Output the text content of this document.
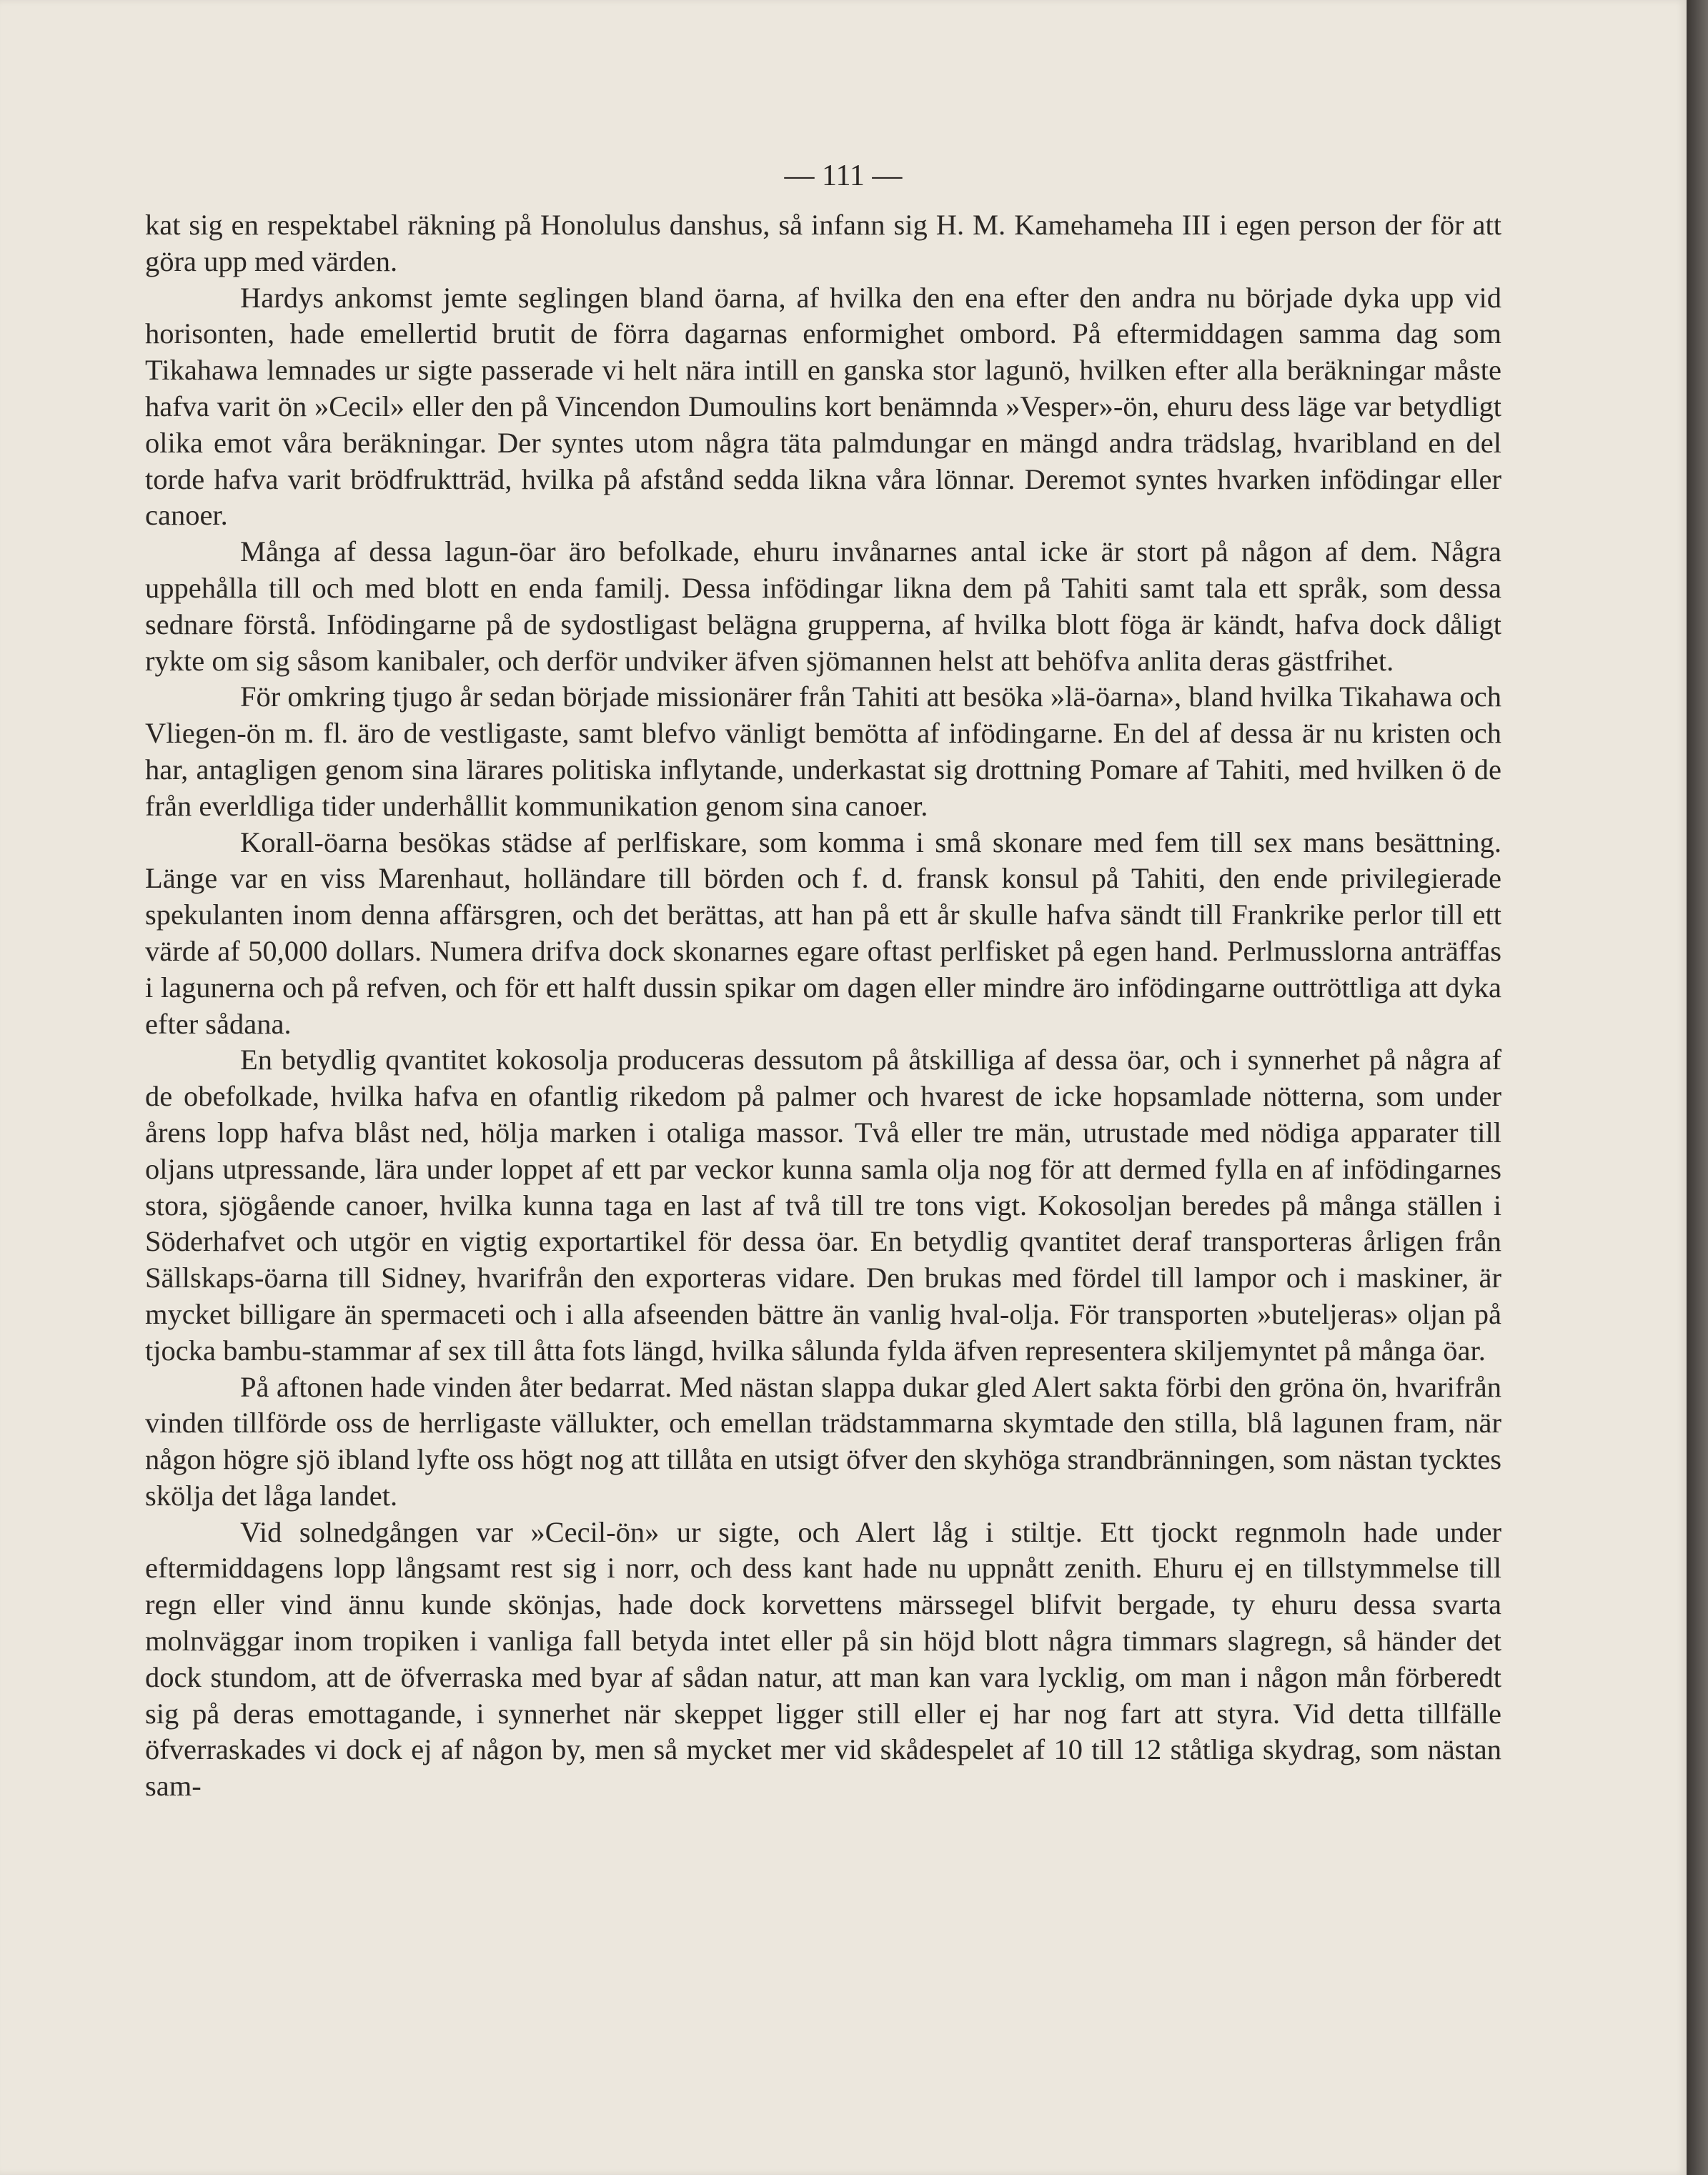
— 111 —

kat sig en respektabel räkning på Honolulus danshus, så infann sig H. M. Kamehameha III i egen person der för att göra upp med värden.

Hardys ankomst jemte seglingen bland öarna, af hvilka den ena efter den andra nu började dyka upp vid horisonten, hade emellertid brutit de förra dagarnas enformighet ombord. På eftermiddagen samma dag som Tikahawa lemnades ur sigte passerade vi helt nära intill en ganska stor lagunö, hvilken efter alla beräkningar måste hafva varit ön »Cecil» eller den på Vincendon Dumoulins kort benämnda »Vesper»-ön, ehuru dess läge var betydligt olika emot våra beräkningar. Der syntes utom några täta palmdungar en mängd andra trädslag, hvaribland en del torde hafva varit brödfruktträd, hvilka på afstånd sedda likna våra lönnar. Deremot syntes hvarken infödingar eller canoer.

Många af dessa lagun-öar äro befolkade, ehuru invånarnes antal icke är stort på någon af dem. Några uppehålla till och med blott en enda familj. Dessa infödingar likna dem på Tahiti samt tala ett språk, som dessa sednare förstå. Infödingarne på de sydostligast belägna grupperna, af hvilka blott föga är kändt, hafva dock dåligt rykte om sig såsom kanibaler, och derför undviker äfven sjömannen helst att behöfva anlita deras gästfrihet.

För omkring tjugo år sedan började missionärer från Tahiti att besöka »lä-öarna», bland hvilka Tikahawa och Vliegen-ön m. fl. äro de vestligaste, samt blefvo vänligt bemötta af infödingarne. En del af dessa är nu kristen och har, antagligen genom sina lärares politiska inflytande, underkastat sig drottning Pomare af Tahiti, med hvilken ö de från everldliga tider underhållit kommunikation genom sina canoer.

Korall-öarna besökas städse af perlfiskare, som komma i små skonare med fem till sex mans besättning. Länge var en viss Marenhaut, holländare till börden och f. d. fransk konsul på Tahiti, den ende privilegierade spekulanten inom denna affärsgren, och det berättas, att han på ett år skulle hafva sändt till Frankrike perlor till ett värde af 50,000 dollars. Numera drifva dock skonarnes egare oftast perlfisket på egen hand. Perlmusslorna anträffas i lagunerna och på refven, och för ett halft dussin spikar om dagen eller mindre äro infödingarne outtröttliga att dyka efter sådana.

En betydlig qvantitet kokosolja produceras dessutom på åtskilliga af dessa öar, och i synnerhet på några af de obefolkade, hvilka hafva en ofantlig rikedom på palmer och hvarest de icke hopsamlade nötterna, som under årens lopp hafva blåst ned, hölja marken i otaliga massor. Två eller tre män, utrustade med nödiga apparater till oljans utpressande, lära under loppet af ett par veckor kunna samla olja nog för att dermed fylla en af infödingarnes stora, sjögående canoer, hvilka kunna taga en last af två till tre tons vigt. Kokosoljan beredes på många ställen i Söderhafvet och utgör en vigtig exportartikel för dessa öar. En betydlig qvantitet deraf transporteras årligen från Sällskaps-öarna till Sidney, hvarifrån den exporteras vidare. Den brukas med fördel till lampor och i maskiner, är mycket billigare än spermaceti och i alla afseenden bättre än vanlig hval-olja. För transporten »buteljeras» oljan på tjocka bambu-stammar af sex till åtta fots längd, hvilka sålunda fylda äfven representera skiljemyntet på många öar.

På aftonen hade vinden åter bedarrat. Med nästan slappa dukar gled Alert sakta förbi den gröna ön, hvarifrån vinden tillförde oss de herrligaste vällukter, och emellan trädstammarna skymtade den stilla, blå lagunen fram, när någon högre sjö ibland lyfte oss högt nog att tillåta en utsigt öfver den skyhöga strandbränningen, som nästan tycktes skölja det låga landet.

Vid solnedgången var »Cecil-ön» ur sigte, och Alert låg i stiltje. Ett tjockt regnmoln hade under eftermiddagens lopp långsamt rest sig i norr, och dess kant hade nu uppnått zenith. Ehuru ej en tillstymmelse till regn eller vind ännu kunde skönjas, hade dock korvettens märssegel blifvit bergade, ty ehuru dessa svarta molnväggar inom tropiken i vanliga fall betyda intet eller på sin höjd blott några timmars slagregn, så händer det dock stundom, att de öfverraska med byar af sådan natur, att man kan vara lycklig, om man i någon mån förberedt sig på deras emottagande, i synnerhet när skeppet ligger still eller ej har nog fart att styra. Vid detta tillfälle öfverraskades vi dock ej af någon by, men så mycket mer vid skådespelet af 10 till 12 ståtliga skydrag, som nästan sam-
